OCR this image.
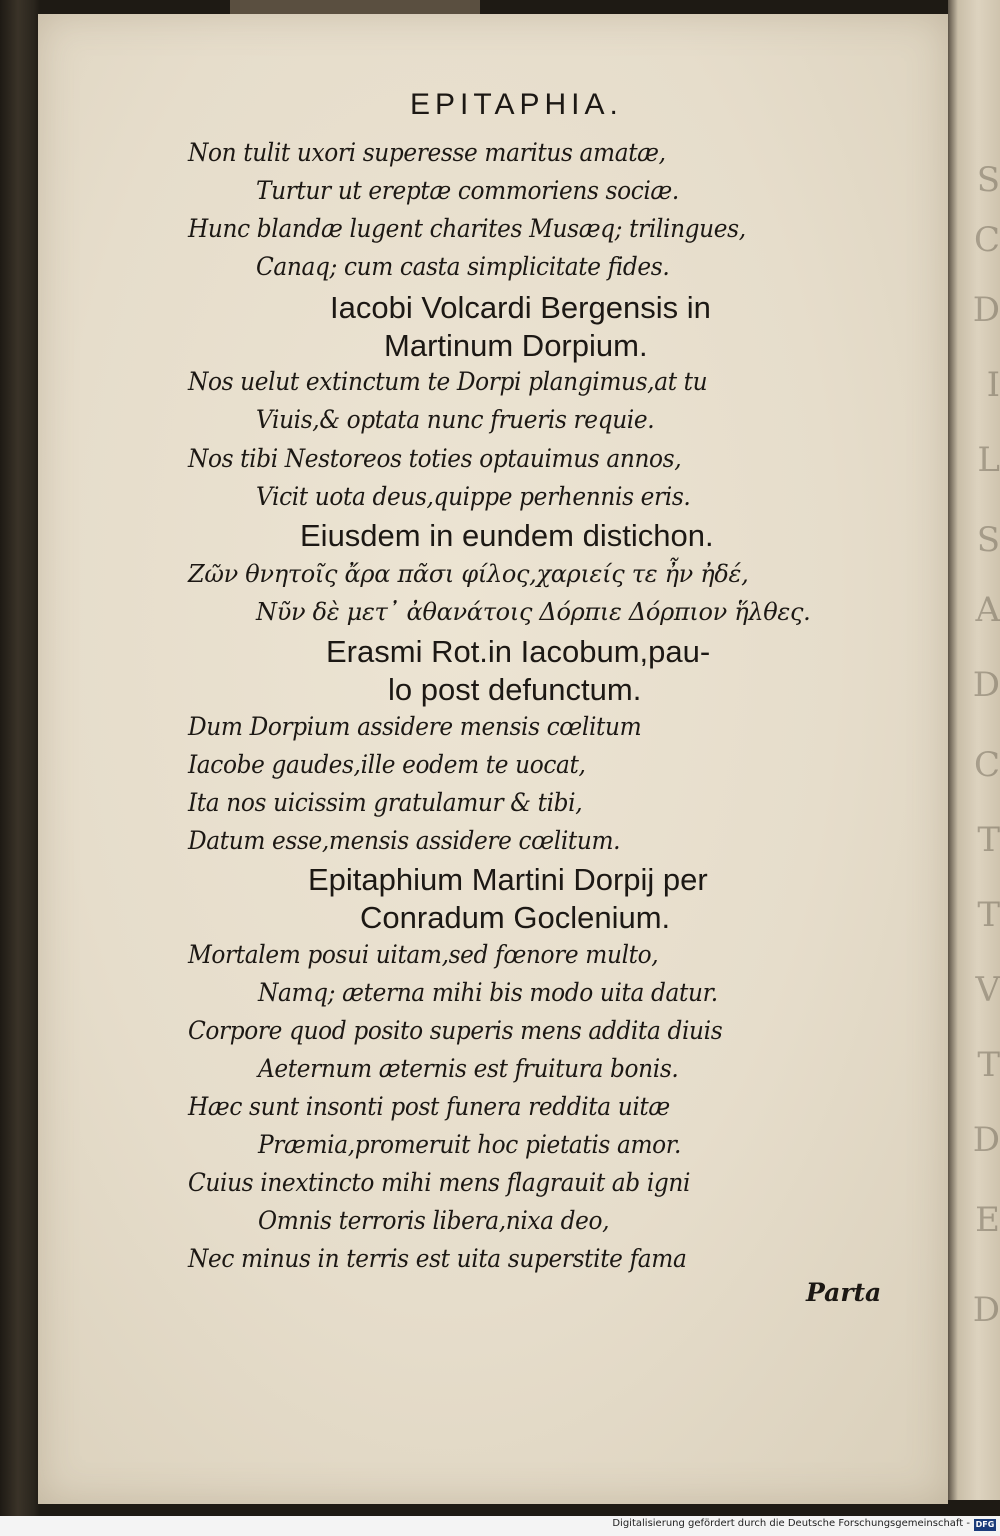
S
C
D
I
L
S
A
D
C
T
T
V
T
D
E
D
EPITAPHIA.
Non tulit uxori superesse maritus amatæ,
Turtur ut ereptæ commoriens sociæ.
Hunc blandæ lugent charites Musæq; trilingues,
Canaq; cum casta simplicitate fides.
Iacobi Volcardi Bergensis in
Martinum Dorpium.
Nos uelut extinctum te Dorpi plangimus,at tu
Viuis,& optata nunc frueris requie.
Nos tibi Nestoreos toties optauimus annos,
Vicit uota deus,quippe perhennis eris.
Eiusdem in eundem distichon.
Ζῶν θνητοῖς ἄρα πᾶσι φίλος,χαριείς τε ἦν ἠδέ,
Νῦν δὲ μετ᾽ ἀθανάτοις Δόρπιε Δόρπιον ἥλθες.
Erasmi Rot.in Iacobum,pau-
lo post defunctum.
Dum Dorpium assidere mensis cœlitum
Iacobe gaudes,ille eodem te uocat,
Ita nos uicissim gratulamur & tibi,
Datum esse,mensis assidere cœlitum.
Epitaphium Martini Dorpij per
Conradum Goclenium.
Mortalem posui uitam,sed fœnore multo,
Namq; æterna mihi bis modo uita datur.
Corpore quod posito superis mens addita diuis
Aeternum æternis est fruitura bonis.
Hæc sunt insonti post funera reddita uitæ
Præmia,promeruit hoc pietatis amor.
Cuius inextincto mihi mens flagrauit ab igni
Omnis terroris libera,nixa deo,
Nec minus in terris est uita superstite fama
Parta
Digitalisierung gefördert durch die Deutsche Forschungsgemeinschaft - DFG
